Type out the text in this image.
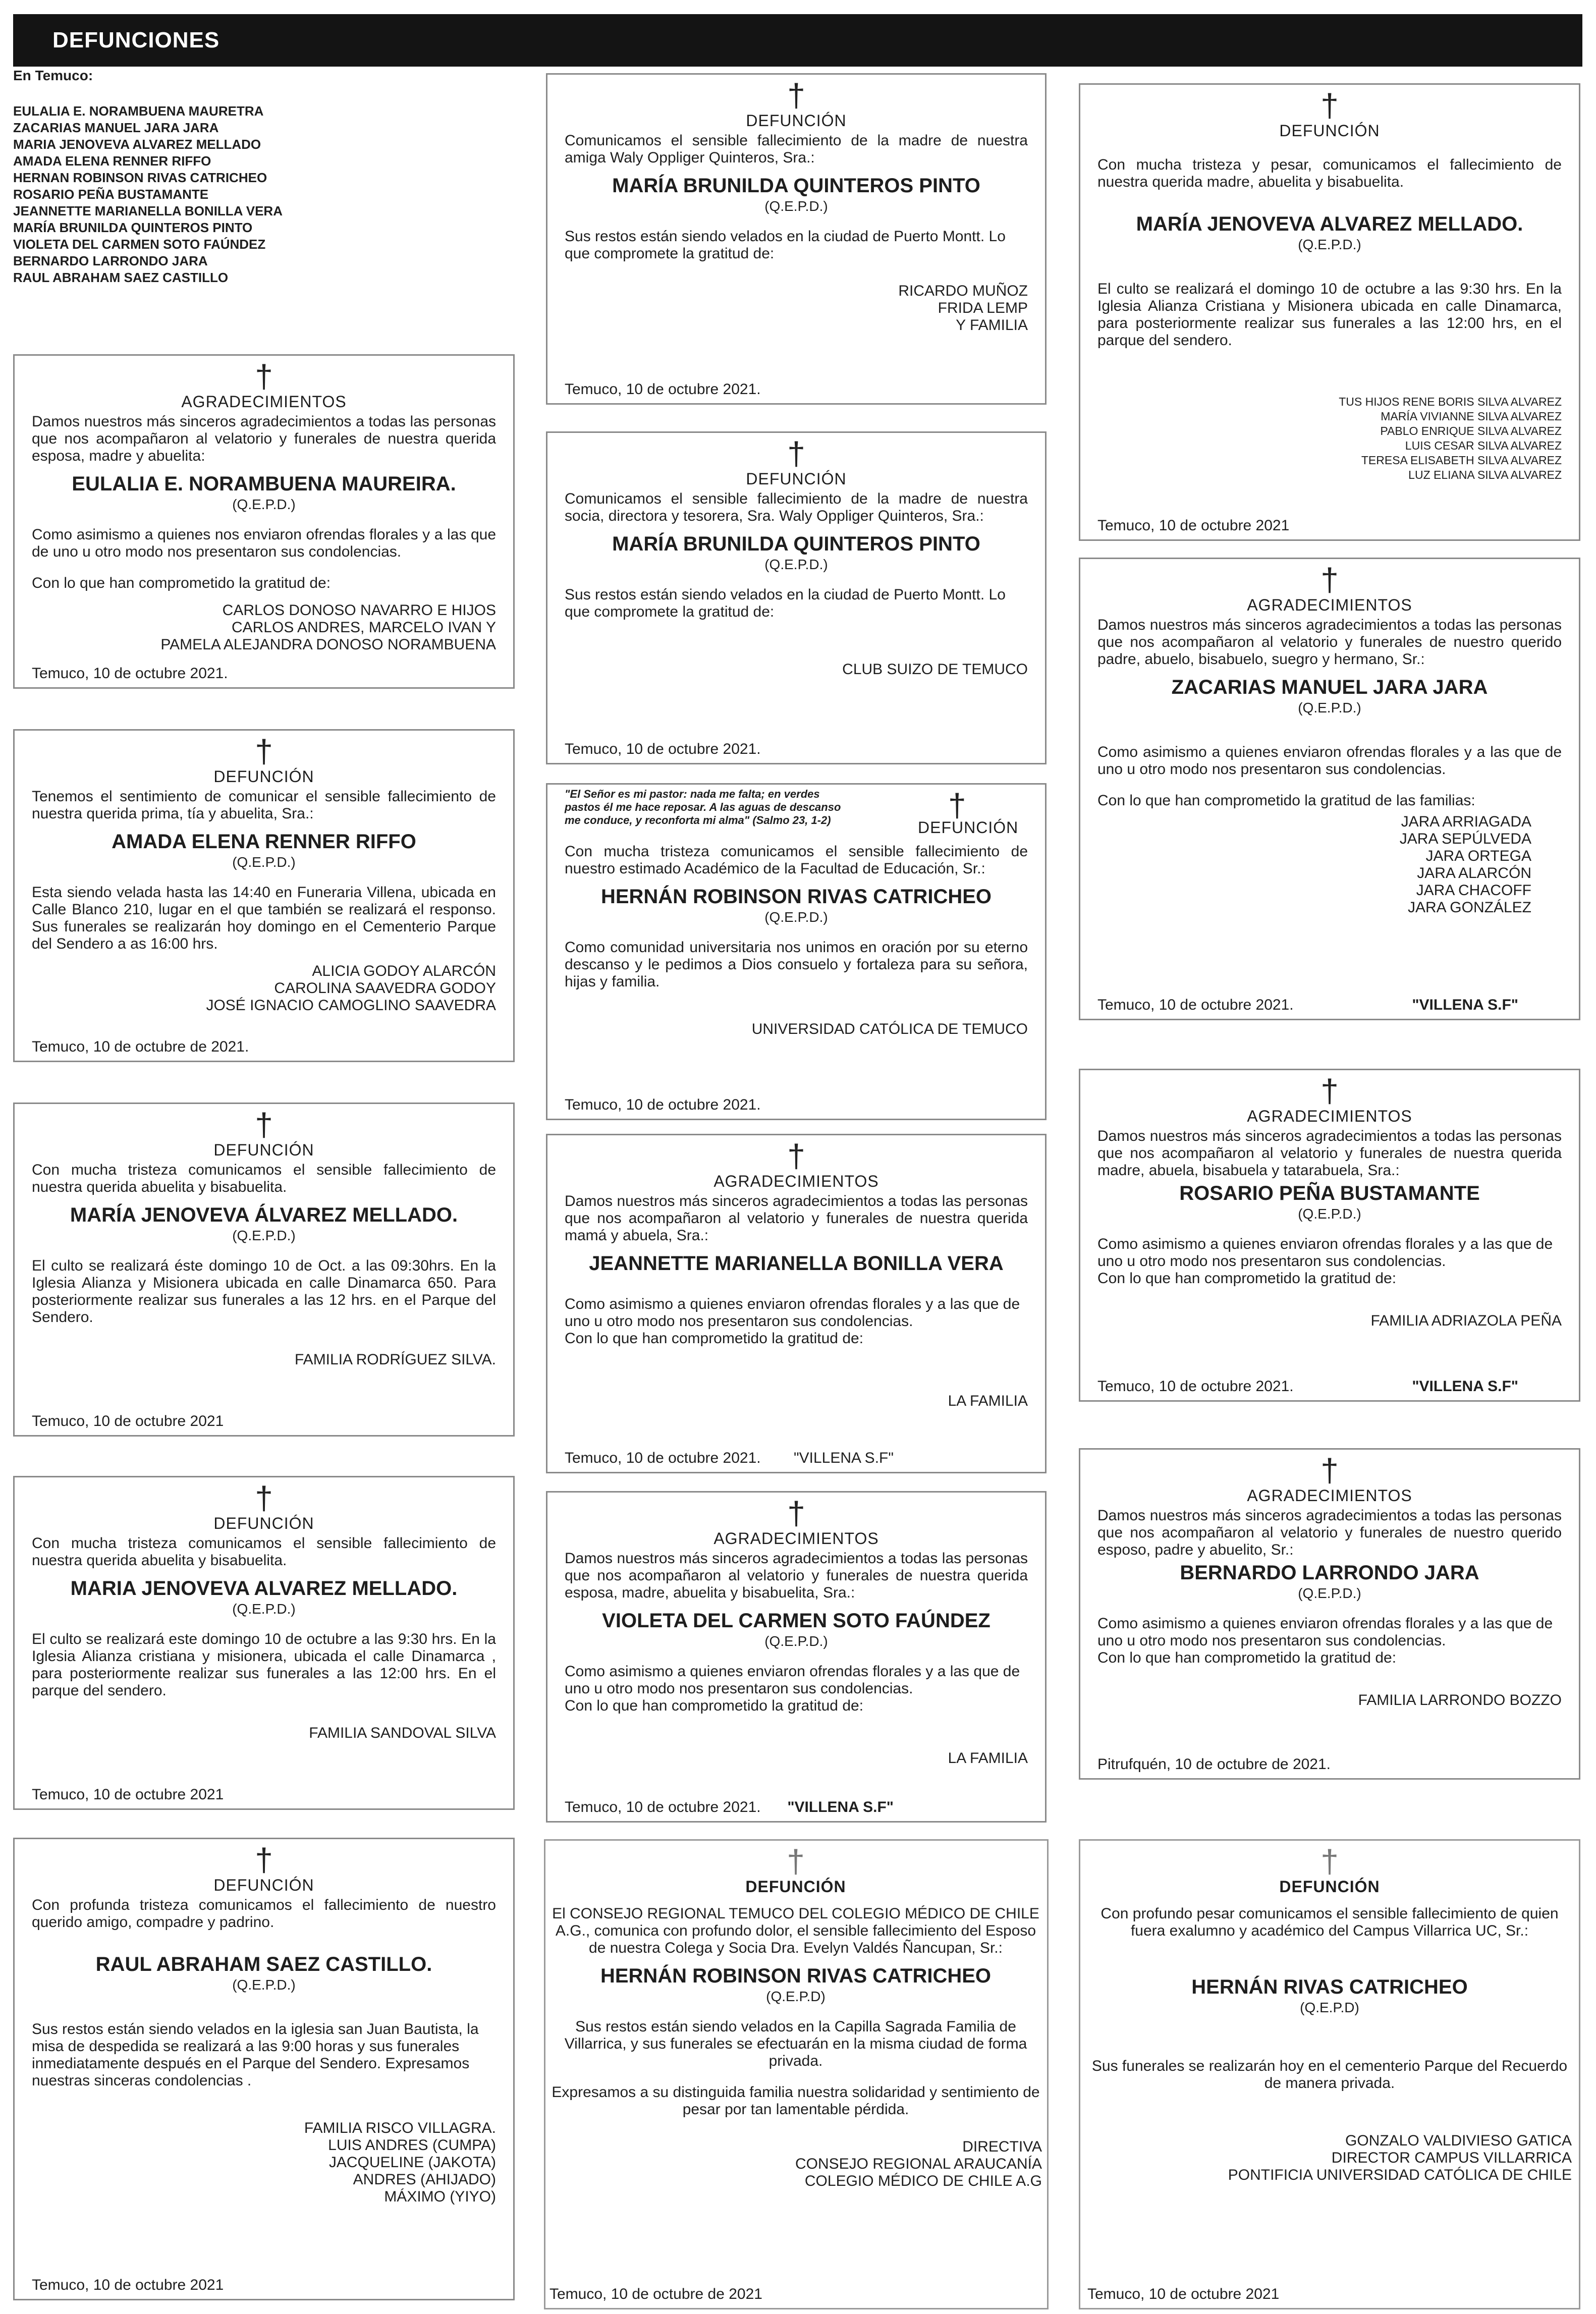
DEFUNCIONES
En Temuco:
EULALIA E. NORAMBUENA MAURETRA
ZACARIAS MANUEL JARA JARA
MARIA JENOVEVA ALVAREZ MELLADO
AMADA ELENA RENNER RIFFO
HERNAN ROBINSON RIVAS CATRICHEO
ROSARIO PEÑA BUSTAMANTE
JEANNETTE MARIANELLA BONILLA VERA
MARÍA BRUNILDA QUINTEROS PINTO
VIOLETA DEL CARMEN SOTO FAÚNDEZ
BERNARDO LARRONDO JARA
RAUL ABRAHAM SAEZ CASTILLO
†
AGRADECIMIENTOS
Damos nuestros más sinceros agradecimientos a todas las personas que nos acompañaron al velatorio y funerales de nuestra querida esposa, madre y abuelita:
EULALIA E. NORAMBUENA MAUREIRA.
(Q.E.P.D.)
Como asimismo a quienes nos enviaron ofrendas florales y a las que de uno u otro modo nos presentaron sus condolencias.
Con lo que han comprometido la gratitud de:
CARLOS DONOSO NAVARRO E HIJOS
CARLOS ANDRES, MARCELO IVAN Y
PAMELA ALEJANDRA DONOSO NORAMBUENA
Temuco, 10 de octubre 2021.
†
DEFUNCIÓN
Tenemos el sentimiento de comunicar el sensible fallecimiento de nuestra querida prima, tía y abuelita, Sra.:
AMADA ELENA RENNER RIFFO
(Q.E.P.D.)
Esta siendo velada hasta las 14:40 en Funeraria Villena, ubicada en Calle Blanco 210, lugar en el que también se realizará el responso. Sus funerales se realizarán hoy domingo en el Cementerio Parque del Sendero a as 16:00 hrs.
ALICIA GODOY ALARCÓN
CAROLINA SAAVEDRA GODOY
JOSÉ IGNACIO CAMOGLINO SAAVEDRA
Temuco, 10 de octubre de 2021.
†
DEFUNCIÓN
Con mucha tristeza comunicamos el sensible fallecimiento de nuestra querida abuelita y bisabuelita.
MARÍA JENOVEVA ÁLVAREZ MELLADO.
(Q.E.P.D.)
El culto se realizará éste domingo 10 de Oct. a las 09:30hrs. En la Iglesia Alianza y Misionera ubicada en calle Dinamarca 650. Para posteriormente realizar sus funerales a las 12 hrs. en el Parque del Sendero.
FAMILIA RODRÍGUEZ SILVA.
Temuco, 10 de octubre 2021
†
DEFUNCIÓN
Con mucha tristeza comunicamos el sensible fallecimiento de nuestra querida abuelita y bisabuelita.
MARIA JENOVEVA ALVAREZ MELLADO.
(Q.E.P.D.)
El culto se realizará este domingo 10 de octubre a las 9:30 hrs. En la Iglesia Alianza cristiana y misionera, ubicada el calle Dinamarca , para posteriormente realizar sus funerales a las 12:00 hrs. En el parque del sendero.
FAMILIA SANDOVAL SILVA
Temuco, 10 de octubre 2021
†
DEFUNCIÓN
Con profunda tristeza comunicamos el fallecimiento de nuestro querido amigo, compadre y padrino.
RAUL ABRAHAM SAEZ CASTILLO.
(Q.E.P.D.)
Sus restos están siendo velados en la iglesia san Juan Bautista, la misa de despedida se realizará a las 9:00 horas y sus funerales inmediatamente después en el Parque del Sendero. Expresamos nuestras sinceras condolencias .
FAMILIA RISCO VILLAGRA.
LUIS ANDRES (CUMPA)
JACQUELINE (JAKOTA)
ANDRES (AHIJADO)
MÁXIMO (YIYO)
Temuco, 10 de octubre 2021
†
DEFUNCIÓN
Comunicamos el sensible fallecimiento de la madre de nuestra amiga Waly Oppliger Quinteros, Sra.:
MARÍA BRUNILDA QUINTEROS PINTO
(Q.E.P.D.)
Sus restos están siendo velados en la ciudad de Puerto Montt. Lo que compromete la gratitud de:
RICARDO MUÑOZ
FRIDA LEMP
Y FAMILIA
Temuco, 10 de octubre 2021.
†
DEFUNCIÓN
Comunicamos el sensible fallecimiento de la madre de nuestra socia, directora y tesorera, Sra. Waly Oppliger Quinteros, Sra.:
MARÍA BRUNILDA QUINTEROS PINTO
(Q.E.P.D.)
Sus restos están siendo velados en la ciudad de Puerto Montt. Lo que compromete la gratitud de:
CLUB SUIZO DE TEMUCO
Temuco, 10 de octubre 2021.
"El Señor es mi pastor: nada me falta; en verdes pastos él me hace reposar. A las aguas de descanso me conduce, y reconforta mi alma" (Salmo 23, 1-2)	†
DEFUNCIÓN
Con mucha tristeza comunicamos el sensible fallecimiento de nuestro estimado Académico de la Facultad de Educación, Sr.:
HERNÁN ROBINSON RIVAS CATRICHEO
(Q.E.P.D.)
Como comunidad universitaria nos unimos en oración por su eterno descanso y le pedimos a Dios consuelo y fortaleza para su señora, hijas y familia.
UNIVERSIDAD CATÓLICA DE TEMUCO
Temuco, 10 de octubre 2021.
†
AGRADECIMIENTOS
Damos nuestros más sinceros agradecimientos a todas las personas que nos acompañaron al velatorio y funerales de nuestra querida mamá y abuela, Sra.:
JEANNETTE MARIANELLA BONILLA VERA
Como asimismo a quienes enviaron ofrendas florales y a las que de uno u otro modo nos presentaron sus condolencias.
Con lo que han comprometido la gratitud de:
LA FAMILIA
Temuco, 10 de octubre 2021. "VILLENA S.F"
†
AGRADECIMIENTOS
Damos nuestros más sinceros agradecimientos a todas las personas que nos acompañaron al velatorio y funerales de nuestra querida esposa, madre, abuelita y bisabuelita, Sra.:
VIOLETA DEL CARMEN SOTO FAÚNDEZ
(Q.E.P.D.)
Como asimismo a quienes enviaron ofrendas florales y a las que de uno u otro modo nos presentaron sus condolencias.
Con lo que han comprometido la gratitud de:
LA FAMILIA
Temuco, 10 de octubre 2021. "VILLENA S.F"
†
DEFUNCIÓN
El CONSEJO REGIONAL TEMUCO DEL COLEGIO MÉDICO DE CHILE A.G., comunica con profundo dolor, el sensible fallecimiento del Esposo de nuestra Colega y Socia Dra. Evelyn Valdés Ñancupan, Sr.:
HERNÁN ROBINSON RIVAS CATRICHEO
(Q.E.P.D)
Sus restos están siendo velados en la Capilla Sagrada Familia de Villarrica, y sus funerales se efectuarán en la misma ciudad de forma privada.
Expresamos a su distinguida familia nuestra solidaridad y sentimiento de pesar por tan lamentable pérdida.
DIRECTIVA
CONSEJO REGIONAL ARAUCANÍA
COLEGIO MÉDICO DE CHILE A.G
Temuco, 10 de octubre de 2021
†
DEFUNCIÓN
Con mucha tristeza y pesar, comunicamos el fallecimiento de nuestra querida madre, abuelita y bisabuelita.
MARÍA JENOVEVA ALVAREZ MELLADO.
(Q.E.P.D.)
El culto se realizará el domingo 10 de octubre a las 9:30 hrs. En la Iglesia Alianza Cristiana y Misionera ubicada en calle Dinamarca, para posteriormente realizar sus funerales a las 12:00 hrs, en el parque del sendero.
TUS HIJOS RENE BORIS SILVA ALVAREZ
MARÍA VIVIANNE SILVA ALVAREZ
PABLO ENRIQUE SILVA ALVAREZ
LUIS CESAR SILVA ALVAREZ
TERESA ELISABETH SILVA ALVAREZ
LUZ ELIANA SILVA ALVAREZ
Temuco, 10 de octubre 2021
†
AGRADECIMIENTOS
Damos nuestros más sinceros agradecimientos a todas las personas que nos acompañaron al velatorio y funerales de nuestro querido padre, abuelo, bisabuelo, suegro y hermano, Sr.:
ZACARIAS MANUEL JARA JARA
(Q.E.P.D.)
Como asimismo a quienes enviaron ofrendas florales y a las que de uno u otro modo nos presentaron sus condolencias.
Con lo que han comprometido la gratitud de las familias:
JARA ARRIAGADA
JARA SEPÚLVEDA
JARA ORTEGA
JARA ALARCÓN
JARA CHACOFF
JARA GONZÁLEZ
Temuco, 10 de octubre 2021.	"VILLENA S.F"
†
AGRADECIMIENTOS
Damos nuestros más sinceros agradecimientos a todas las personas que nos acompañaron al velatorio y funerales de nuestra querida madre, abuela, bisabuela y tatarabuela, Sra.:
ROSARIO PEÑA BUSTAMANTE
(Q.E.P.D.)
Como asimismo a quienes enviaron ofrendas florales y a las que de uno u otro modo nos presentaron sus condolencias.
Con lo que han comprometido la gratitud de:
FAMILIA ADRIAZOLA PEÑA
Temuco, 10 de octubre 2021.	"VILLENA S.F"
†
AGRADECIMIENTOS
Damos nuestros más sinceros agradecimientos a todas las personas que nos acompañaron al velatorio y funerales de nuestro querido esposo, padre y abuelito, Sr.:
BERNARDO LARRONDO JARA
(Q.E.P.D.)
Como asimismo a quienes enviaron ofrendas florales y a las que de uno u otro modo nos presentaron sus condolencias.
Con lo que han comprometido la gratitud de:
FAMILIA LARRONDO BOZZO
Pitrufquén, 10 de octubre de 2021.
†
DEFUNCIÓN
Con profundo pesar comunicamos el sensible fallecimiento de quien fuera exalumno y académico del Campus Villarrica UC, Sr.:
HERNÁN RIVAS CATRICHEO
(Q.E.P.D)
Sus funerales se realizarán hoy en el cementerio Parque del Recuerdo de manera privada.
GONZALO VALDIVIESO GATICA
DIRECTOR CAMPUS VILLARRICA
PONTIFICIA UNIVERSIDAD CATÓLICA DE CHILE
Temuco, 10 de octubre 2021
